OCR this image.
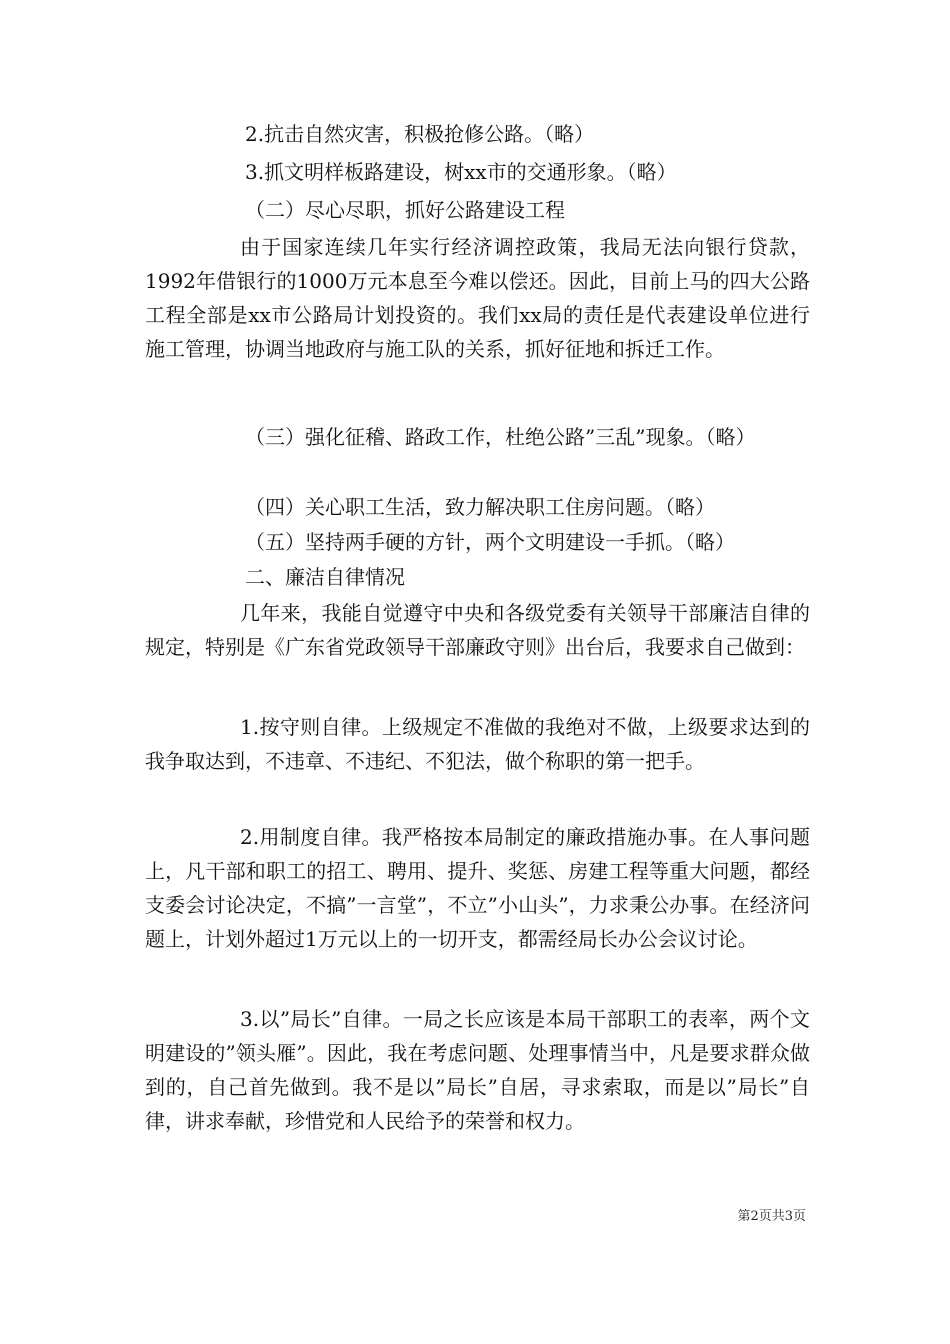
2.抗击自然灾害，积极抢修公路。（略）

3.抓文明样板路建设，树xx市的交通形象。（略）

（二）尽心尽职，抓好公路建设工程

由于国家连续几年实行经济调控政策，我局无法向银行贷款，1992年借银行的1000万元本息至今难以偿还。因此，目前上马的四大公路工程全部是xx市公路局计划投资的。我们xx局的责任是代表建设单位进行施工管理，协调当地政府与施工队的关系，抓好征地和拆迁工作。

（三）强化征稽、路政工作，杜绝公路”三乱”现象。（略）

（四）关心职工生活，致力解决职工住房问题。（略）

（五）坚持两手硬的方针，两个文明建设一手抓。（略）

二、廉洁自律情况

几年来，我能自觉遵守中央和各级党委有关领导干部廉洁自律的规定，特别是《广东省党政领导干部廉政守则》出台后，我要求自己做到：

1.按守则自律。上级规定不准做的我绝对不做，上级要求达到的我争取达到，不违章、不违纪、不犯法，做个称职的第一把手。

2.用制度自律。我严格按本局制定的廉政措施办事。在人事问题上，凡干部和职工的招工、聘用、提升、奖惩、房建工程等重大问题，都经支委会讨论决定，不搞”一言堂”，不立”小山头”，力求秉公办事。在经济问题上，计划外超过1万元以上的一切开支，都需经局长办公会议讨论。

3.以”局长”自律。一局之长应该是本局干部职工的表率，两个文明建设的”领头雁”。因此，我在考虑问题、处理事情当中，凡是要求群众做到的，自己首先做到。我不是以”局长”自居，寻求索取，而是以”局长”自律，讲求奉献，珍惜党和人民给予的荣誉和权力。

第2页共3页
